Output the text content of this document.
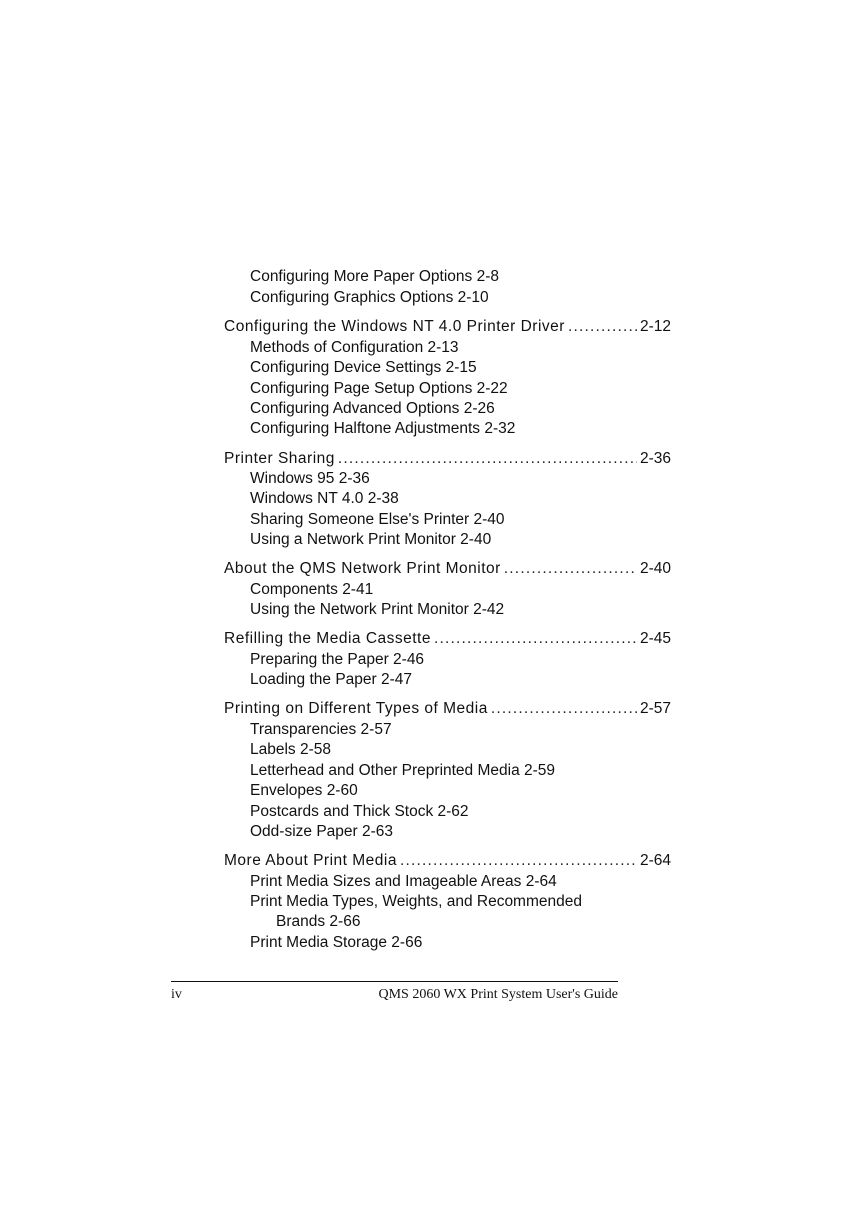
Configuring More Paper Options 2-8
Configuring Graphics Options 2-10
Configuring the Windows NT 4.0 Printer Driver .....	2-12
Methods of Configuration 2-13
Configuring Device Settings 2-15
Configuring Page Setup Options 2-22
Configuring Advanced Options 2-26
Configuring Halftone Adjustments 2-32
Printer Sharing .....	2-36
Windows 95 2-36
Windows NT 4.0 2-38
Sharing Someone Else's Printer 2-40
Using a Network Print Monitor 2-40
About the QMS Network Print Monitor .....	2-40
Components 2-41
Using the Network Print Monitor 2-42
Refilling the Media Cassette .....	2-45
Preparing the Paper 2-46
Loading the Paper 2-47
Printing on Different Types of Media .....	2-57
Transparencies 2-57
Labels 2-58
Letterhead and Other Preprinted Media 2-59
Envelopes 2-60
Postcards and Thick Stock 2-62
Odd-size Paper 2-63
More About Print Media .....	2-64
Print Media Sizes and Imageable Areas 2-64
Print Media Types, Weights, and Recommended
Brands 2-66
Print Media Storage 2-66
iv	QMS 2060 WX Print System User's Guide
